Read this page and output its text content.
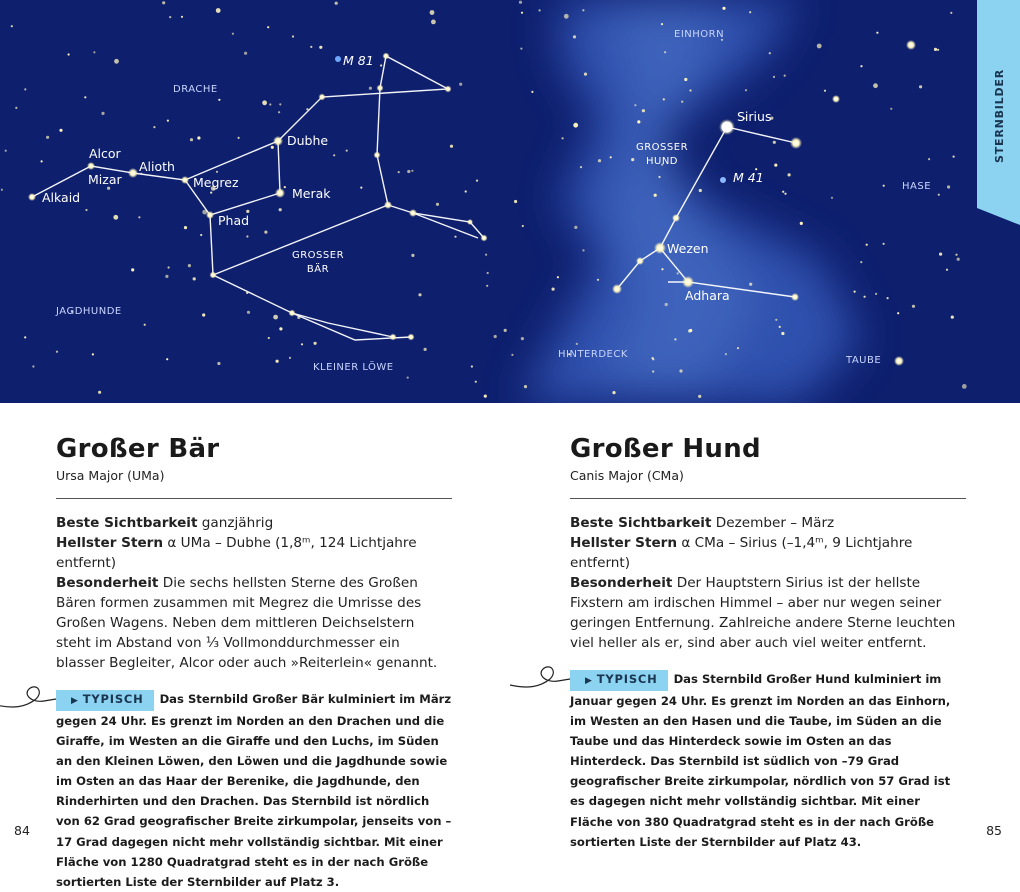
Alcor
Mizar
Alioth
Alkaid
Megrez
Dubhe
Merak
Phad
M 81
DRACHE
JAGDHUNDE
KLEINER LÖWE
GROSSER
BÄR
Sirius
Wezen
Adhara
M 41
EINHORN
HASE
HINTERDECK
TAUBE
GROSSER
HUND	STERNBILDER
Großer Bär

Ursa Major (UMa)

Beste Sichtbarkeit ganzjährig

Hellster Stern α UMa – Dubhe (1,8ᵐ, 124 Lichtjahre entfernt)

Besonderheit Die sechs hellsten Sterne des Großen Bären formen zusammen mit Megrez die Umrisse des Großen Wagens. Neben dem mittleren Deichselstern steht im Abstand von ¹⁄₃ Vollmonddurchmesser ein blasser Begleiter, Alcor oder auch »Reiterlein« genannt.

▶ TYPISCH Das Sternbild Großer Bär kulminiert im März gegen 24 Uhr. Es grenzt im Norden an den Drachen und die Giraffe, im Westen an die Giraffe und den Luchs, im Süden an den Kleinen Löwen, den Löwen und die Jagdhunde sowie im Osten an das Haar der Berenike, die Jagdhunde, den Rinderhirten und den Drachen. Das Sternbild ist nördlich von 62 Grad geografischer Breite zirkumpolar, jenseits von –17 Grad dagegen nicht mehr vollständig sichtbar. Mit einer Fläche von 1280 Quadratgrad steht es in der nach Größe sortierten Liste der Sternbilder auf Platz 3.
Großer Hund

Canis Major (CMa)

Beste Sichtbarkeit Dezember – März

Hellster Stern α CMa – Sirius (–1,4ᵐ, 9 Lichtjahre entfernt)

Besonderheit Der Hauptstern Sirius ist der hellste Fixstern am irdischen Himmel – aber nur wegen seiner geringen Entfernung. Zahlreiche andere Sterne leuchten viel heller als er, sind aber auch viel weiter entfernt.

▶ TYPISCH Das Sternbild Großer Hund kulminiert im Januar gegen 24 Uhr. Es grenzt im Norden an das Einhorn, im Westen an den Hasen und die Taube, im Süden an die Taube und das Hinterdeck sowie im Osten an das Hinterdeck. Das Sternbild ist südlich von –79 Grad geografischer Breite zirkumpolar, nördlich von 57 Grad ist es dagegen nicht mehr vollständig sichtbar. Mit einer Fläche von 380 Quadratgrad steht es in der nach Größe sortierten Liste der Sternbilder auf Platz 43.
84	85
